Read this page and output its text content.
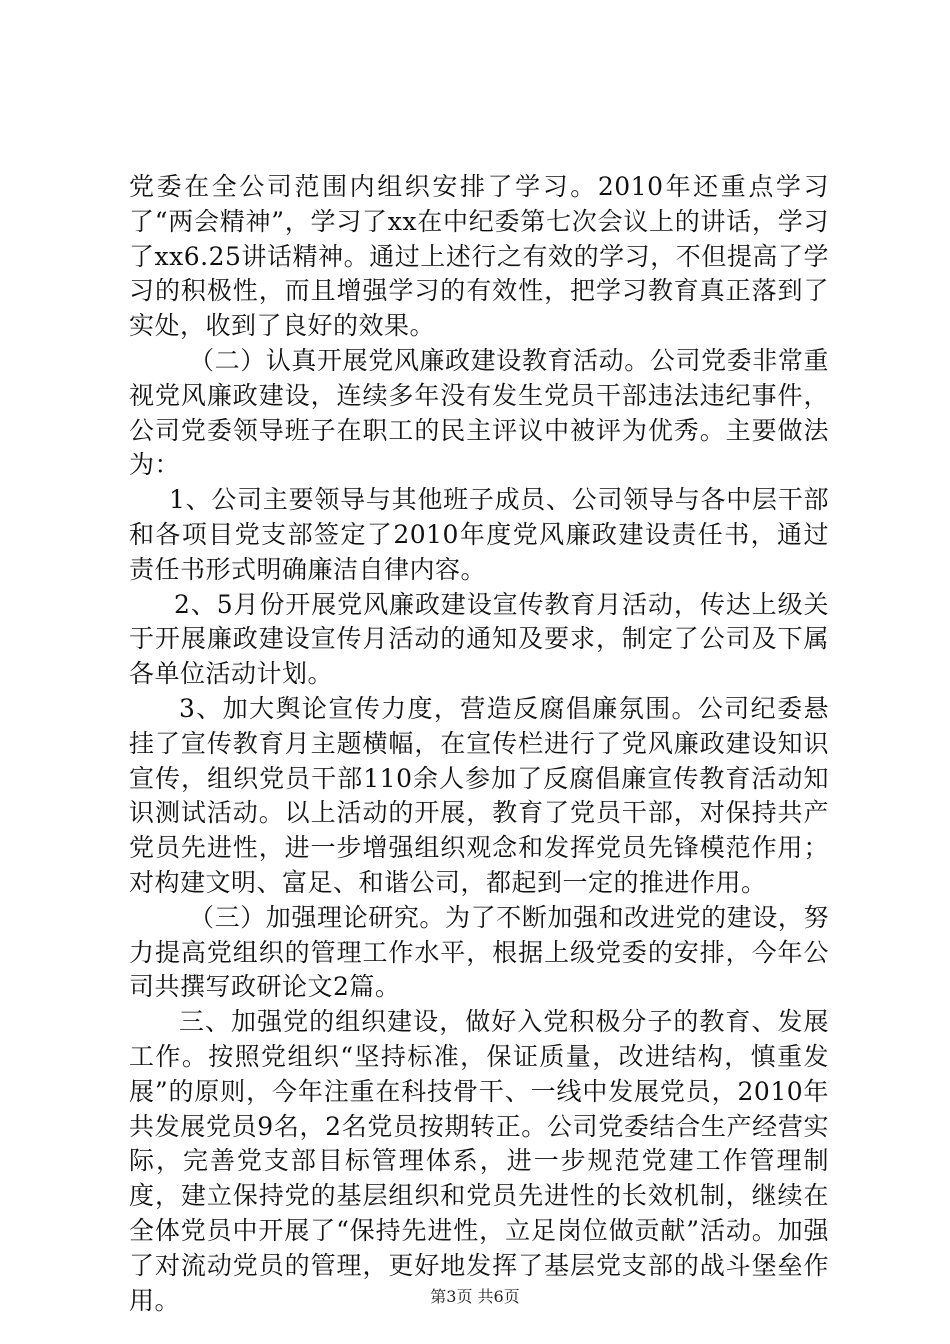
党委在全公司范围内组织安排了学习。2010年还重点学习了“两会精神”，学习了xx在中纪委第七次会议上的讲话，学习了xx6.25讲话精神。通过上述行之有效的学习，不但提高了学习的积极性，而且增强学习的有效性，把学习教育真正落到了实处，收到了良好的效果。

（二）认真开展党风廉政建设教育活动。公司党委非常重视党风廉政建设，连续多年没有发生党员干部违法违纪事件，公司党委领导班子在职工的民主评议中被评为优秀。主要做法为：

1、公司主要领导与其他班子成员、公司领导与各中层干部和各项目党支部签定了2010年度党风廉政建设责任书，通过责任书形式明确廉洁自律内容。

2、5月份开展党风廉政建设宣传教育月活动，传达上级关于开展廉政建设宣传月活动的通知及要求，制定了公司及下属各单位活动计划。

3、加大舆论宣传力度，营造反腐倡廉氛围。公司纪委悬挂了宣传教育月主题横幅，在宣传栏进行了党风廉政建设知识宣传，组织党员干部110余人参加了反腐倡廉宣传教育活动知识测试活动。以上活动的开展，教育了党员干部，对保持共产党员先进性，进一步增强组织观念和发挥党员先锋模范作用；对构建文明、富足、和谐公司，都起到一定的推进作用。

（三）加强理论研究。为了不断加强和改进党的建设，努力提高党组织的管理工作水平，根据上级党委的安排，今年公司共撰写政研论文2篇。

三、加强党的组织建设，做好入党积极分子的教育、发展工作。按照党组织“坚持标准，保证质量，改进结构，慎重发展”的原则，今年注重在科技骨干、一线中发展党员，2010年共发展党员9名，2名党员按期转正。公司党委结合生产经营实际，完善党支部目标管理体系，进一步规范党建工作管理制度，建立保持党的基层组织和党员先进性的长效机制，继续在全体党员中开展了“保持先进性，立足岗位做贡献”活动。加强了对流动党员的管理，更好地发挥了基层党支部的战斗堡垒作用。	第3页 共6页
